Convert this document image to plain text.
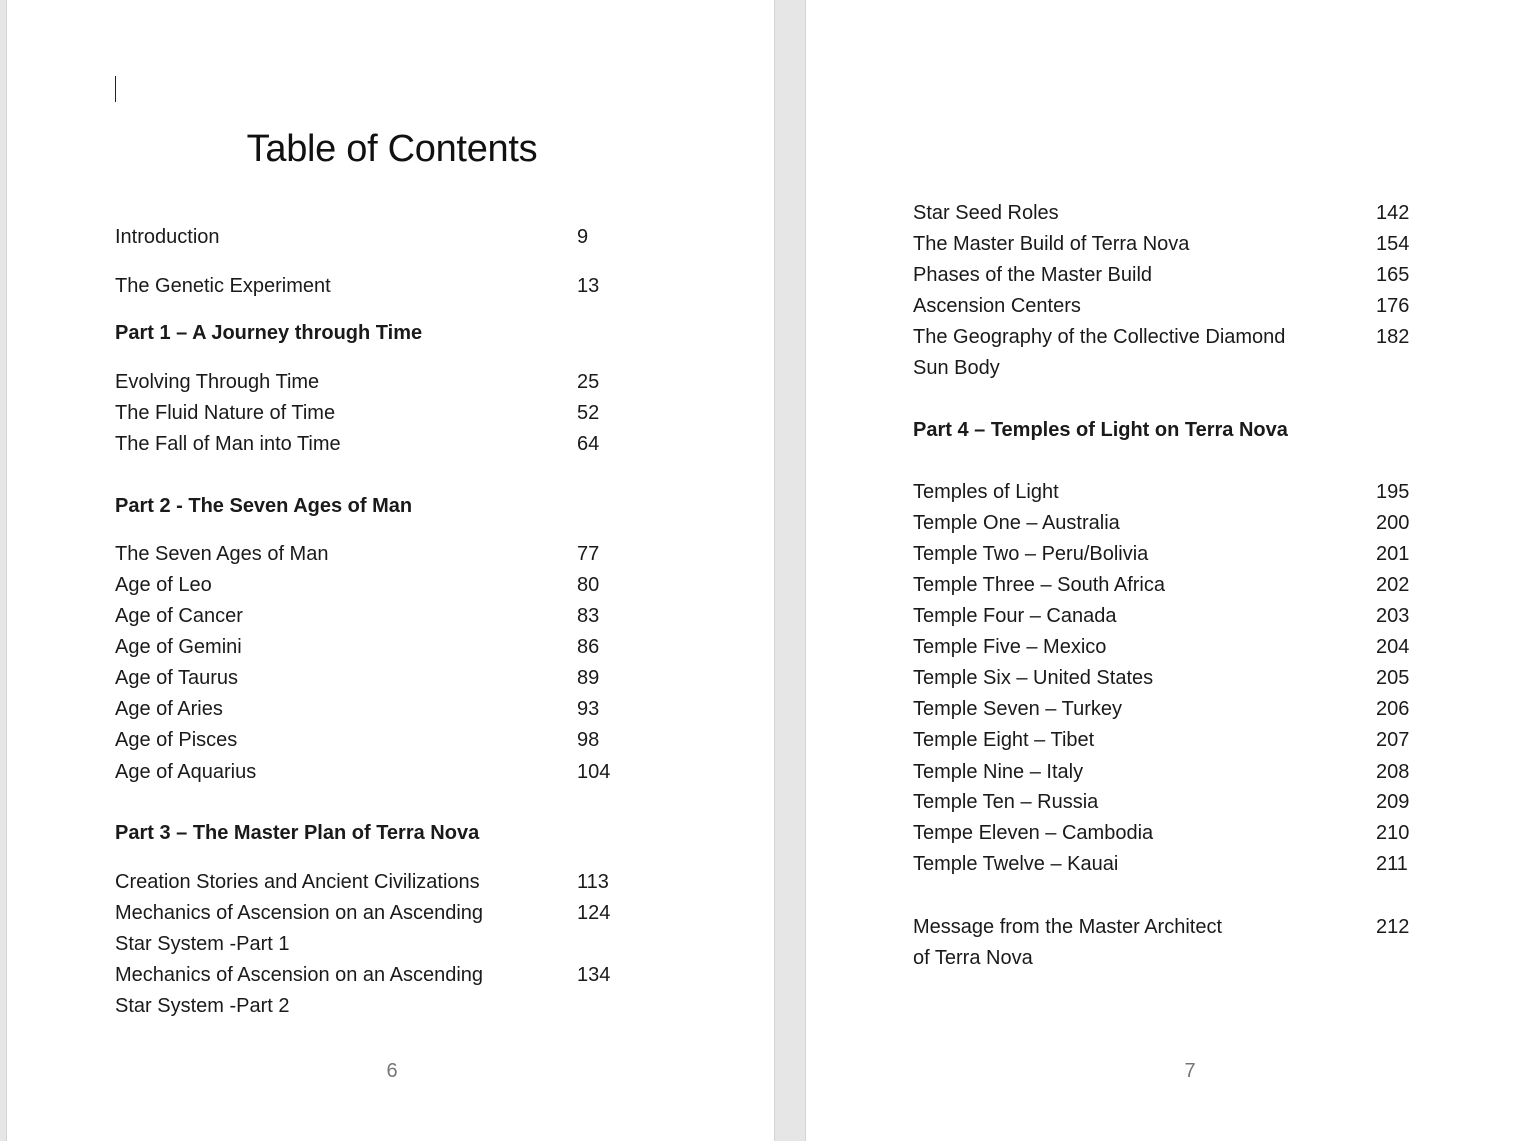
Table of Contents
Introduction	9
The Genetic Experiment	13
Part 1 – A Journey through Time
Evolving Through Time	25
The Fluid Nature of Time	52
The Fall of Man into Time	64
Part 2 - The Seven Ages of Man
The Seven Ages of Man	77
Age of Leo	80
Age of Cancer	83
Age of Gemini	86
Age of Taurus	89
Age of Aries	93
Age of Pisces	98
Age of Aquarius	104
Part 3 – The Master Plan of Terra Nova
Creation Stories and Ancient Civilizations	113
Mechanics of Ascension on an Ascending	124
Star System -Part 1
Mechanics of Ascension on an Ascending	134
Star System -Part 2
6
Star Seed Roles	142
The Master Build of Terra Nova	154
Phases of the Master Build	165
Ascension Centers	176
The Geography of the Collective Diamond	182
Sun Body
Part 4 – Temples of Light on Terra Nova
Temples of Light	195
Temple One – Australia	200
Temple Two – Peru/Bolivia	201
Temple Three – South Africa	202
Temple Four – Canada	203
Temple Five – Mexico	204
Temple Six – United States	205
Temple Seven – Turkey	206
Temple Eight – Tibet	207
Temple Nine – Italy	208
Temple Ten – Russia	209
Tempe Eleven – Cambodia	210
Temple Twelve – Kauai	211
Message from the Master Architect	212
of Terra Nova
7
